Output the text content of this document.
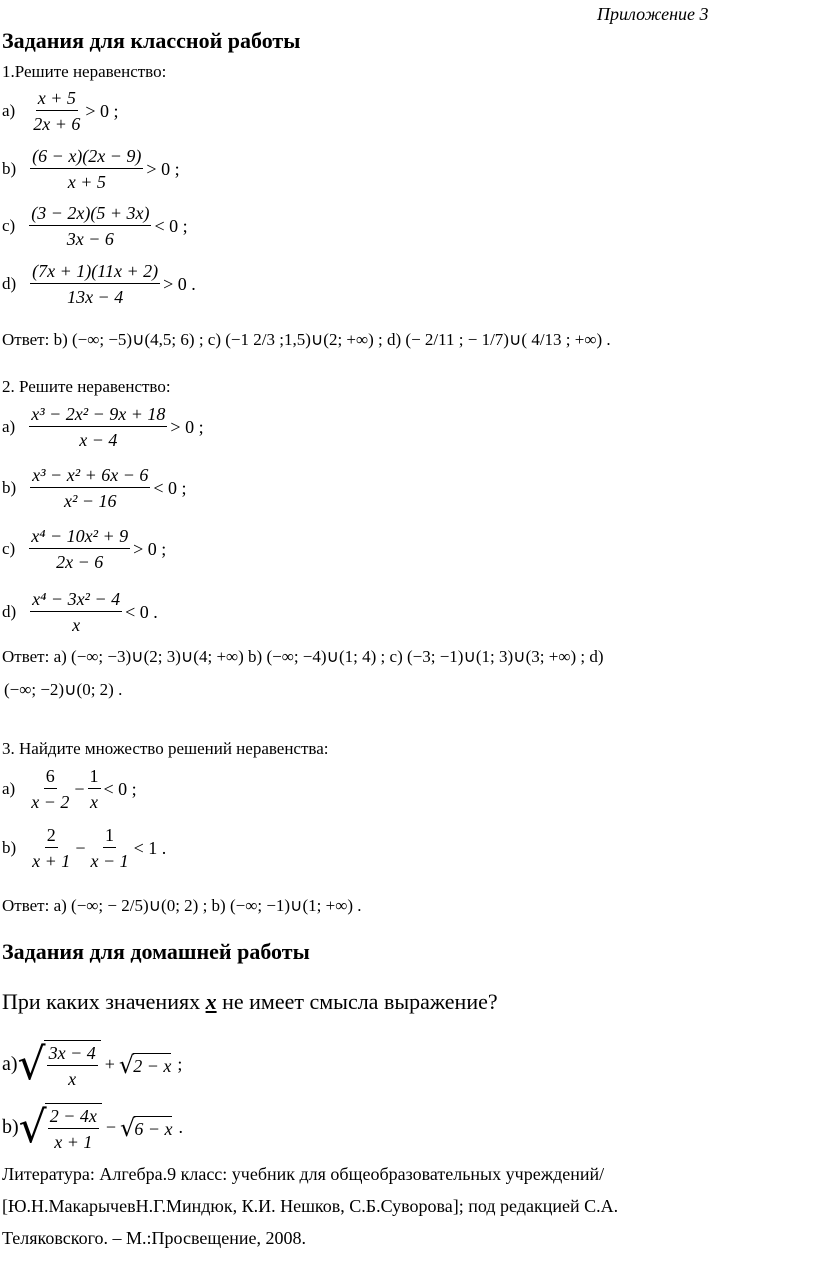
Приложение 3
Задания для классной работы
1.Решите неравенство:
$a) \frac{x + 5}{2x + 6} > 0$ ;
$b) \frac{(6 - x)(2x - 9)}{x + 5} > 0$ ;
$c) \frac{(3 - 2x)(5 + 3x)}{3x - 6} < 0$ ;
$d) \frac{(7x + 1)(11x + 2)}{13x - 4} > 0$ .
Ответ: b) (−∞; −5)∪(4,5; 6) ; c) (−1 2/3 ;1,5)∪(2; +∞) ; d) (− 2/11 ; − 1/7)∪( 4/13 ; +∞) .
2. Решите неравенство:
$a) \frac{\text{x³ − 2x² − 9x + 18}}{x - 4} > 0$ ;
$b) \frac{\text{x³ − x² + 6x − 6}}{\text{x² − 16}} < 0$ ;
$c) \frac{\text{x⁴ − 10x² + 9}}{2x - 6} > 0$ ;
$d) \frac{\text{x⁴ − 3x² − 4}}{x} < 0$ .
Ответ: a) (−∞; −3)∪(2; 3)∪(4; +∞) b) (−∞; −4)∪(1; 4) ; c) (−3; −1)∪(1; 3)∪(3; +∞) ; d)
(−∞; −2)∪(0; 2) .
3. Найдите множество решений неравенства:
$a) \frac{6}{x - 2} - \frac{1}{x} < 0$ ;
$b) \frac{2}{x + 1} - \frac{1}{x - 1} < 1$ .
Ответ: a) (−∞; − 2/5)∪(0; 2) ; b) (−∞; −1)∪(1; +∞) .
Задания для домашней работы
При каких значениях x не имеет смысла выражение?
a) √ $\frac{3x - 4}{x}$ + √ 2 − x ;
b) √ $\frac{2 - 4x}{x + 1}$ − √ 6 − x .
Литература: Алгебра.9 класс: учебник для общеобразовательных учреждений/
[Ю.Н.МакарычевН.Г.Миндюк, К.И. Нешков, С.Б.Суворова]; под редакцией С.А.
Теляковского. – М.:Просвещение, 2008.
